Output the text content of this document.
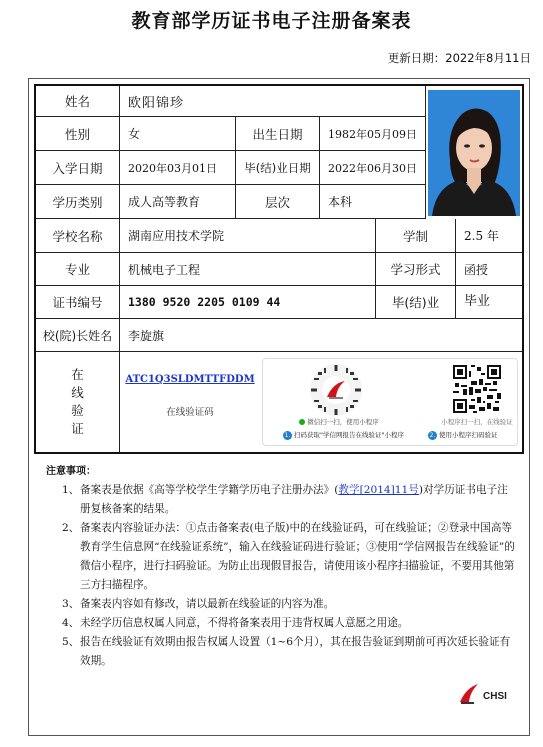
教育部学历证书电子注册备案表
更新日期：2022年8月11日
姓名	欧阳锦珍
性别	女	出生日期	1982年05月09日
入学日期	2020年03月01日	毕(结)业日期	2022年06月30日
学历类别	成人高等教育	层次	本科
学校名称	湖南应用技术学院	学制	2.5 年
专业	机械电子工程	学习形式	函授
证书编号	1380 9520 2205 0109 44	毕(结)业	毕业
校(院)长姓名	李旋旗
在
线
验
证
ATC1Q3SLDMTTFDDM
在线验证码
微信扫一扫，使用小程序	小程序扫一扫，在线验证
1. 扫码获取"学信网报告在线验证"小程序	2. 使用小程序扫码验证
注意事项：
1、 备案表是依据《高等学校学生学籍学历电子注册办法》(教学[2014]11号)对学历证书电子注册复核备案的结果。
2、 备案表内容验证办法：①点击备案表(电子版)中的在线验证码，可在线验证；②登录中国高等教育学生信息网“在线验证系统”，输入在线验证码进行验证；③使用“学信网报告在线验证”的微信小程序，进行扫码验证。为防止出现假冒报告，请使用该小程序扫描验证，不要用其他第三方扫描程序。
3、 备案表内容如有修改，请以最新在线验证的内容为准。
4、 未经学历信息权属人同意，不得将备案表用于违背权属人意愿之用途。
5、 报告在线验证有效期由报告权属人设置（1~6个月），其在报告验证到期前可再次延长验证有效期。
CHSI
